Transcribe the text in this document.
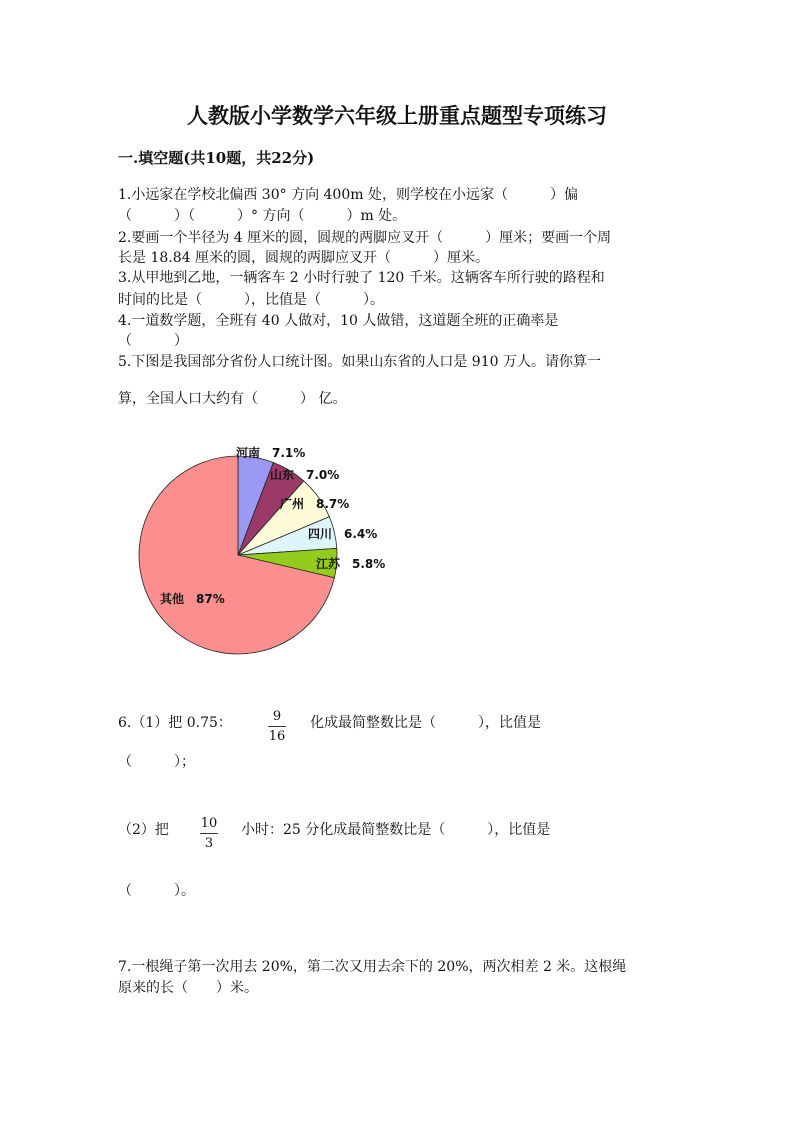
人教版小学数学六年级上册重点题型专项练习
一.填空题(共10题，共22分)
1.小远家在学校北偏西 30° 方向 400m 处，则学校在小远家（　　　）偏
（　　　）（　　　）° 方向（　　　）m 处。
2.要画一个半径为 4 厘米的圆，圆规的两脚应叉开（　　　）厘米；要画一个周
长是 18.84 厘米的圆，圆规的两脚应叉开（　　　）厘米。
3.从甲地到乙地，一辆客车 2 小时行驶了 120 千米。这辆客车所行驶的路程和
时间的比是（　　　），比值是（　　　）。
4.一道数学题，全班有 40 人做对，10 人做错，这道题全班的正确率是
（　　　）
5.下图是我国部分省份人口统计图。如果山东省的人口是 910 万人。请你算一
算，全国人口大约有（　　　） 亿。
河南　7.1%
山东　7.0%
广州　8.7%
四川　6.4%
江苏　5.8%
其他　87%
6.（1）把 0.75：	9
16
化成最简整数比是（　　　），比值是
（　　　）；
（2）把 10
3
小时：25 分化成最简整数比是（　　　），比值是
（　　　）。
7.一根绳子第一次用去 20%，第二次又用去余下的 20%，两次相差 2 米。这根绳
原来的长（　　）米。
